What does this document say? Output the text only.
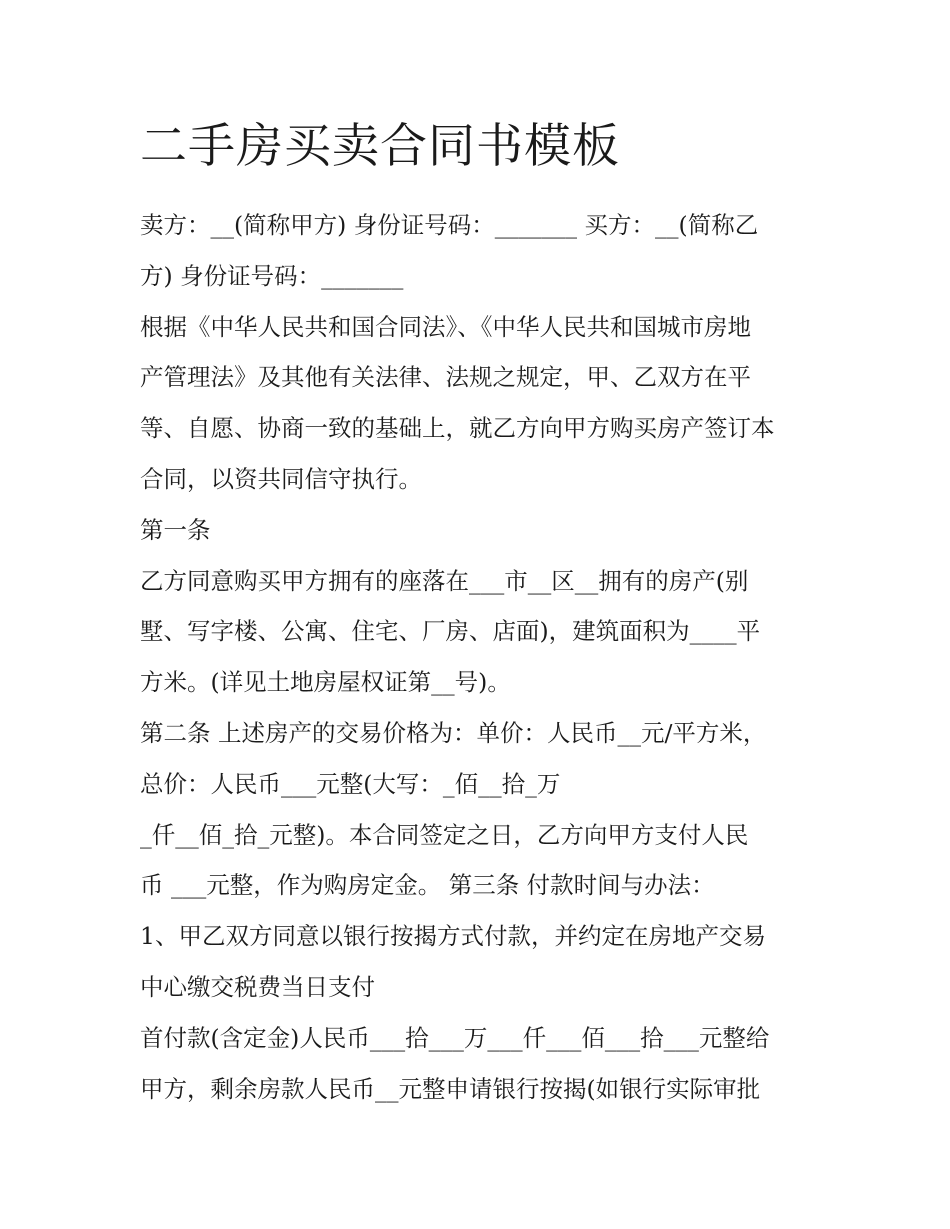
二手房买卖合同书模板

卖方：__(简称甲方) 身份证号码：_______ 买方：__(简称乙

方) 身份证号码：_______

根据《中华人民共和国合同法》、《中华人民共和国城市房地

产管理法》及其他有关法律、法规之规定，甲、乙双方在平

等、自愿、协商一致的基础上，就乙方向甲方购买房产签订本

合同，以资共同信守执行。

第一条

乙方同意购买甲方拥有的座落在___市__区__拥有的房产(别

墅、写字楼、公寓、住宅、厂房、店面)，建筑面积为____平

方米。(详见土地房屋权证第__号)。

第二条 上述房产的交易价格为：单价：人民币__元/平方米，

总价：人民币___元整(大写：_佰__拾_万

_仟__佰_拾_元整)。本合同签定之日，乙方向甲方支付人民

币 ___元整，作为购房定金。 第三条 付款时间与办法：

1、甲乙双方同意以银行按揭方式付款，并约定在房地产交易

中心缴交税费当日支付

首付款(含定金)人民币___拾___万___仟___佰___拾___元整给

甲方，剩余房款人民币__元整申请银行按揭(如银行实际审批
